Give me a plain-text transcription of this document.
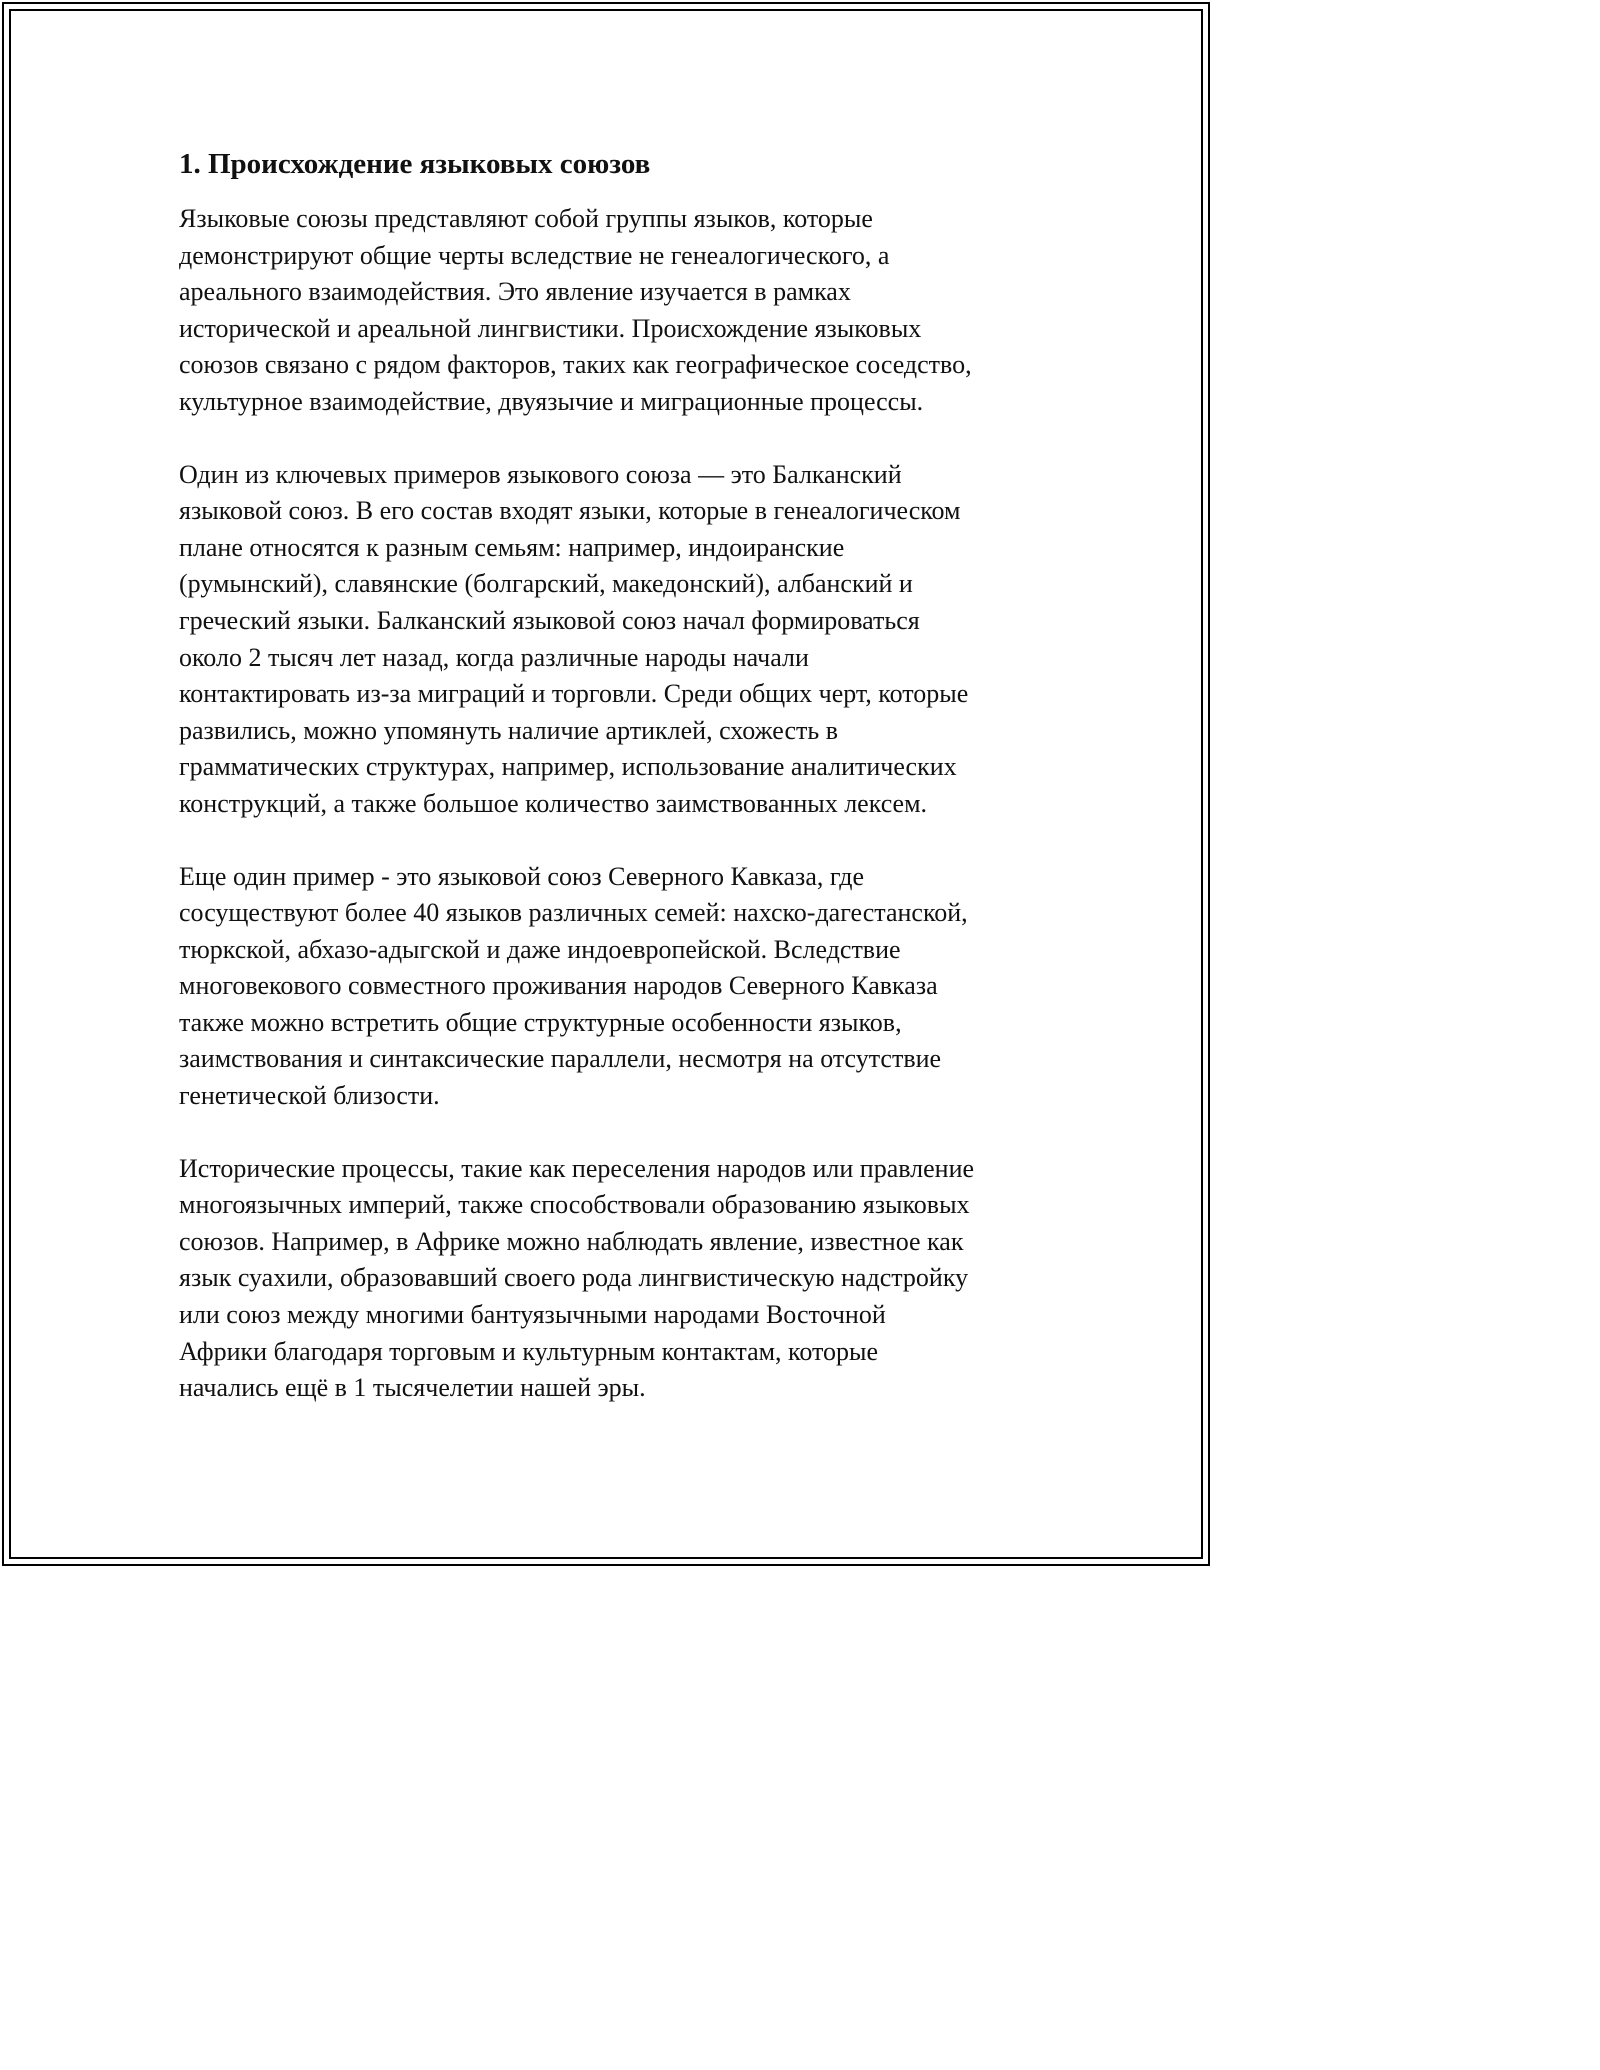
1. Происхождение языковых союзов

Языковые союзы представляют собой группы языков, которые
демонстрируют общие черты вследствие не генеалогического, а
ареального взаимодействия. Это явление изучается в рамках
исторической и ареальной лингвистики. Происхождение языковых
союзов связано с рядом факторов, таких как географическое соседство,
культурное взаимодействие, двуязычие и миграционные процессы.

Один из ключевых примеров языкового союза — это Балканский
языковой союз. В его состав входят языки, которые в генеалогическом
плане относятся к разным семьям: например, индоиранские
(румынский), славянские (болгарский, македонский), албанский и
греческий языки. Балканский языковой союз начал формироваться
около 2 тысяч лет назад, когда различные народы начали
контактировать из-за миграций и торговли. Среди общих черт, которые
развились, можно упомянуть наличие артиклей, схожесть в
грамматических структурах, например, использование аналитических
конструкций, а также большое количество заимствованных лексем.

Еще один пример - это языковой союз Северного Кавказа, где
сосуществуют более 40 языков различных семей: нахско-дагестанской,
тюркской, абхазо-адыгской и даже индоевропейской. Вследствие
многовекового совместного проживания народов Северного Кавказа
также можно встретить общие структурные особенности языков,
заимствования и синтаксические параллели, несмотря на отсутствие
генетической близости.

Исторические процессы, такие как переселения народов или правление
многоязычных империй, также способствовали образованию языковых
союзов. Например, в Африке можно наблюдать явление, известное как
язык суахили, образовавший своего рода лингвистическую надстройку
или союз между многими бантуязычными народами Восточной
Африки благодаря торговым и культурным контактам, которые
начались ещё в 1 тысячелетии нашей эры.
